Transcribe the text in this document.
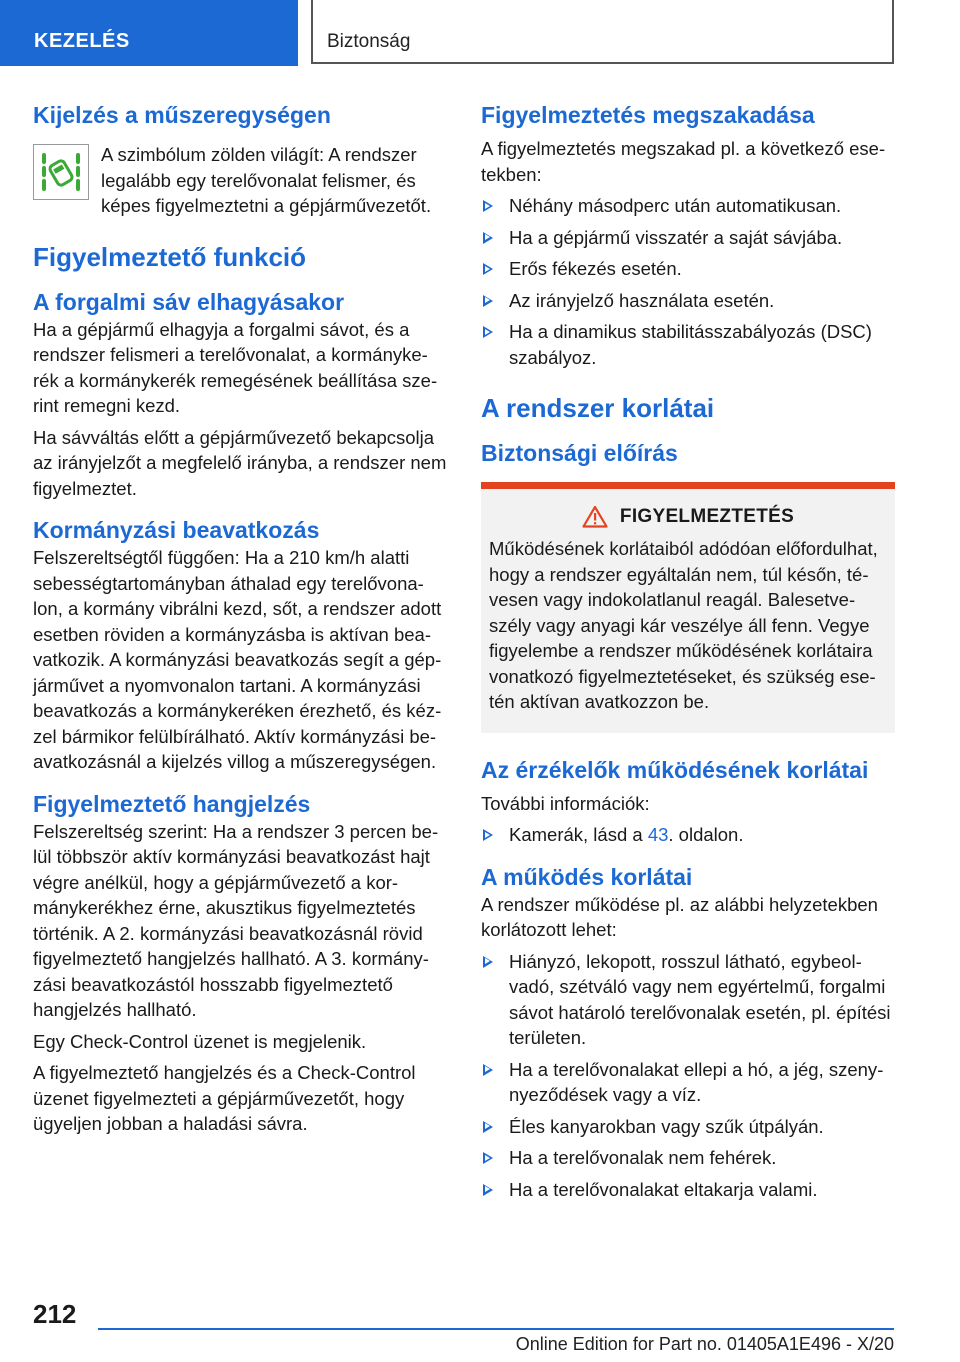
KEZELÉS	Biztonság
Kijelzés a műszeregységen
A szimbólum zölden világít: A rendszer legalább egy terelővonalat felismer, és képes figyelmeztetni a gépjárművezetőt.
Figyelmeztető funkció
A forgalmi sáv elhagyásakor

Ha a gépjármű elhagyja a forgalmi sávot, és a rendszer felismeri a terelővonalat, a kormánykerék a kormánykerék remegésének beállítása szerint remegni kezd.

Ha sávváltás előtt a gépjárművezető bekapcsolja az irányjelzőt a megfelelő irányba, a rendszer nem figyelmeztet.

Kormányzási beavatkozás

Felszereltségtől függően: Ha a 210 km/h alatti sebességtartományban áthalad egy terelővonalon, a kormány vibrálni kezd, sőt, a rendszer adott esetben röviden a kormányzásba is aktívan beavatkozik. A kormányzási beavatkozás segít a gépjárművet a nyomvonalon tartani. A kormányzási beavatkozás a kormánykeréken érezhető, és kézzel bármikor felülbírálható. Aktív kormányzási beavatkozásnál a kijelzés villog a műszeregységen.

Figyelmeztető hangjelzés

Felszereltség szerint: Ha a rendszer 3 percen belül többször aktív kormányzási beavatkozást hajt végre anélkül, hogy a gépjárművezető a kormánykerékhez érne, akusztikus figyelmeztetés történik. A 2. kormányzási beavatkozásnál rövid figyelmeztető hangjelzés hallható. A 3. kormányzási beavatkozástól hosszabb figyelmeztető hangjelzés hallható.

Egy Check-Control üzenet is megjelenik.

A figyelmeztető hangjelzés és a Check-Control üzenet figyelmezteti a gépjárművezetőt, hogy ügyeljen jobban a haladási sávra.

Figyelmeztetés megszakadása

A figyelmeztetés megszakad pl. a következő esetekben:

Néhány másodperc után automatikusan.
Ha a gépjármű visszatér a saját sávjába.
Erős fékezés esetén.
Az irányjelző használata esetén.
Ha a dinamikus stabilitásszabályozás (DSC) szabályoz.
A rendszer korlátai
Biztonsági előírás
FIGYELMEZTETÉS

Működésének korlátaiból adódóan előfordulhat, hogy a rendszer egyáltalán nem, túl későn, tévesen vagy indokolatlanul reagál. Balesetveszély vagy anyagi kár veszélye áll fenn. Vegye figyelembe a rendszer működésének korlátaira vonatkozó figyelmeztetéseket, és szükség esetén aktívan avatkozzon be.

Az érzékelők működésének korlátai

További információk:

Kamerák, lásd a 43. oldalon.
A működés korlátai

A rendszer működése pl. az alábbi helyzetekben korlátozott lehet:

Hiányzó, lekopott, rosszul látható, egybeolvadó, szétváló vagy nem egyértelmű, forgalmi sávot határoló terelővonalak esetén, pl. építési területen.
Ha a terelővonalakat ellepi a hó, a jég, szenynyeződések vagy a víz.
Éles kanyarokban vagy szűk útpályán.
Ha a terelővonalak nem fehérek.
Ha a terelővonalakat eltakarja valami.
212
Online Edition for Part no. 01405A1E496 - X/20
